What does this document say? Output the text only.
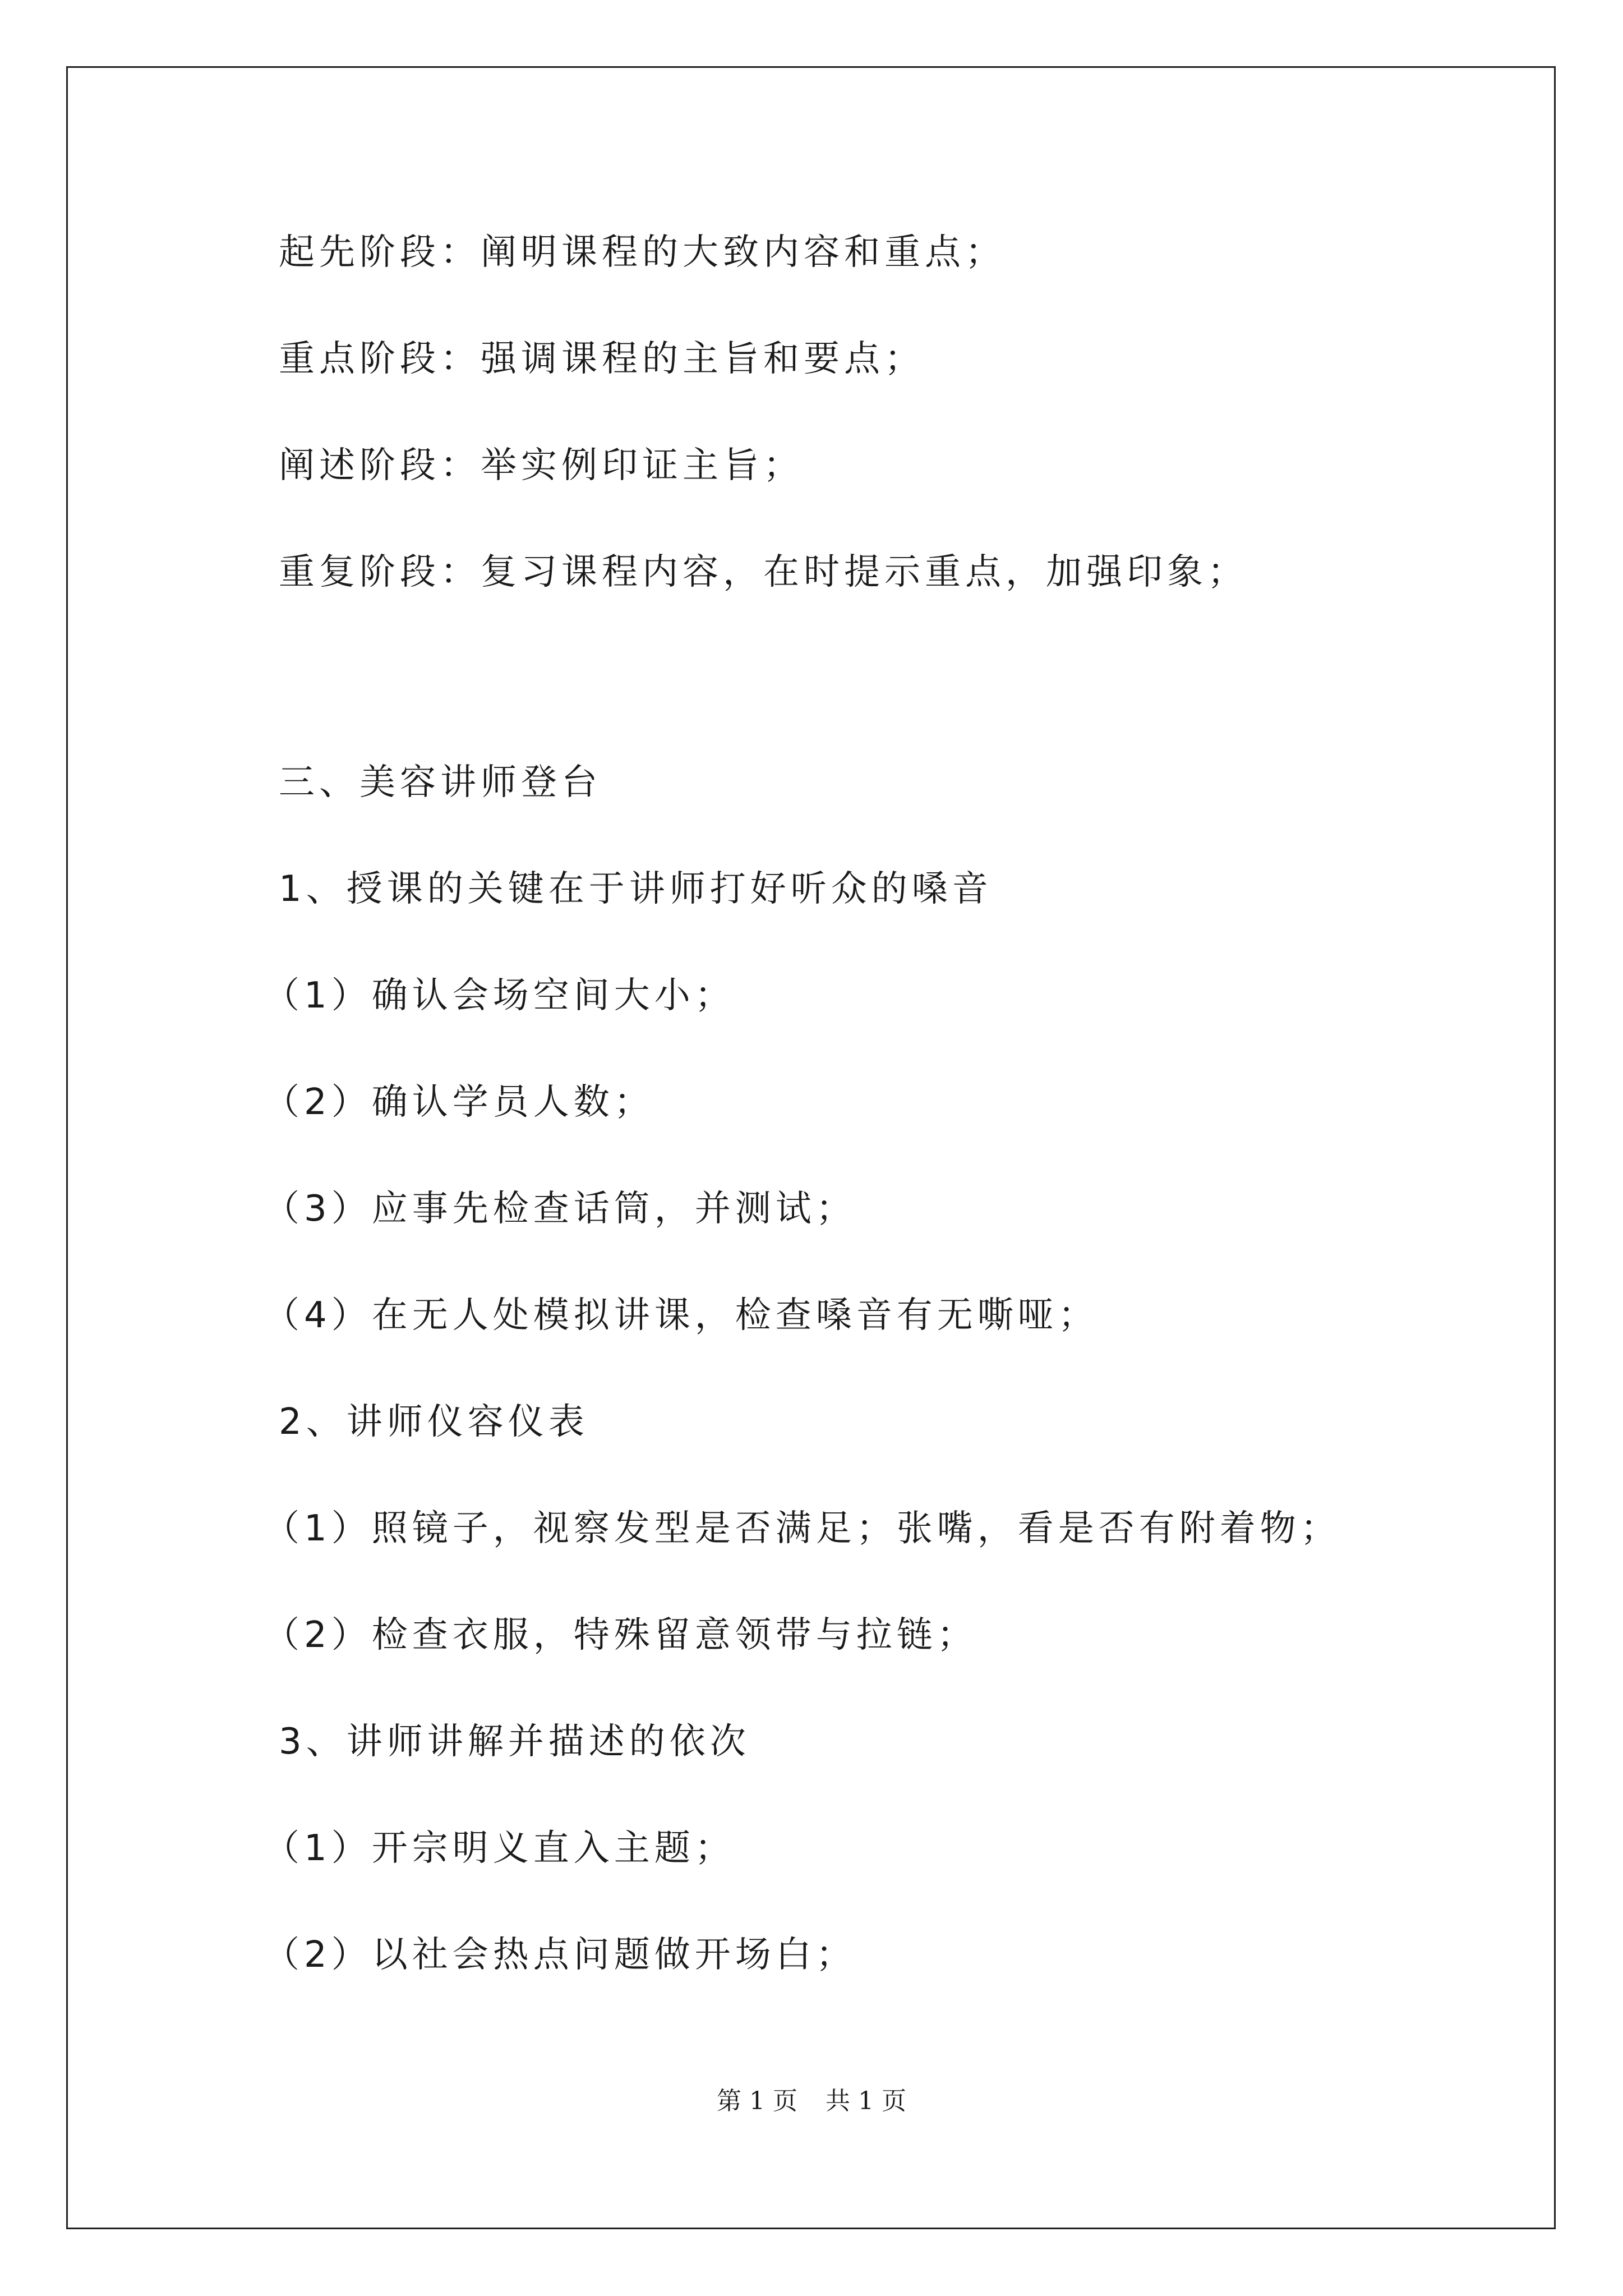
起先阶段：阐明课程的大致内容和重点；
重点阶段：强调课程的主旨和要点；
阐述阶段：举实例印证主旨；
重复阶段：复习课程内容，在时提示重点，加强印象；
三、美容讲师登台
1、授课的关键在于讲师打好听众的嗓音
（1）确认会场空间大小；
（2）确认学员人数；
（3）应事先检查话筒，并测试；
（4）在无人处模拟讲课，检查嗓音有无嘶哑；
2、讲师仪容仪表
（1）照镜子，视察发型是否满足；张嘴，看是否有附着物；
（2）检查衣服，特殊留意领带与拉链；
3、讲师讲解并描述的依次
（1）开宗明义直入主题；
（2）以社会热点问题做开场白；
第 1 页 共 1 页
